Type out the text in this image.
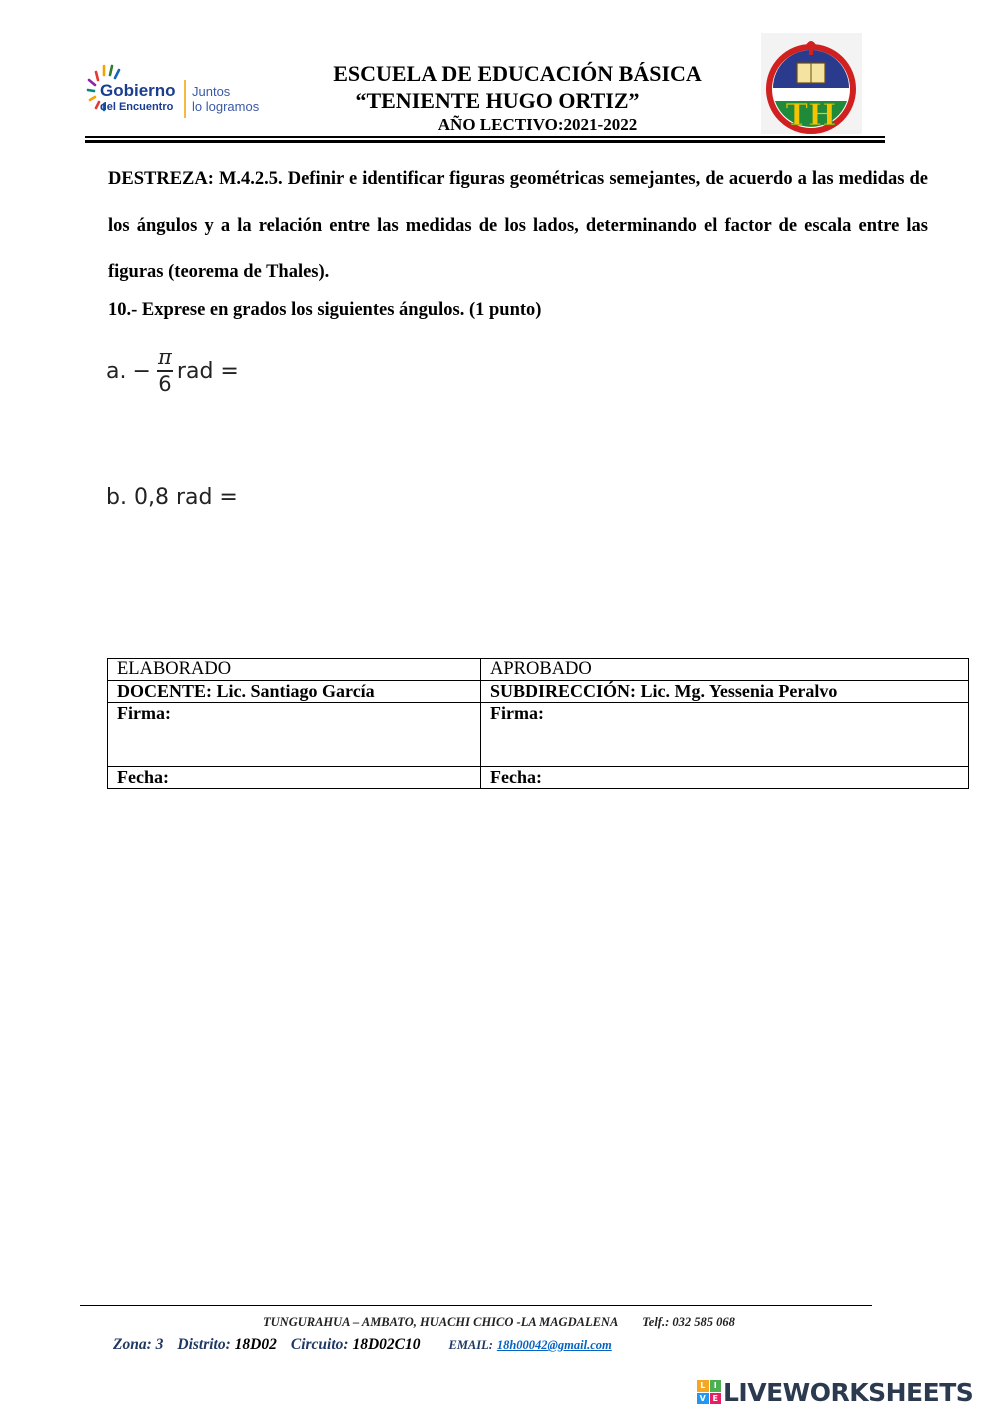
Gobierno
del Encuentro
Juntos
lo logramos
ESCUELA DE EDUCACIÓN BÁSICA
“TENIENTE HUGO ORTIZ”
AÑO LECTIVO:2021-2022	TH
DESTREZA: M.4.2.5. Definir e identificar figuras geométricas semejantes, de acuerdo a las medidas de los ángulos y a la relación entre las medidas de los lados, determinando el factor de escala entre las figuras (teorema de Thales).
10.- Exprese en grados los siguientes ángulos. (1 punto)
a. − $\frac{\pi}{6}$ rad =
b. 0,8 rad =
ELABORADO	APROBADO
DOCENTE: Lic. Santiago García	SUBDIRECCIÓN: Lic. Mg. Yessenia Peralvo
Firma:	Firma:
Fecha:	Fecha:
TUNGURAHUA – AMBATO, HUACHI CHICO -LA MAGDALENA Telf.: 032 585 068
Zona: 3 Distrito: 18D02 Circuito: 18D02C10 EMAIL: 18h00042@gmail.com
L	I
V E LIVEWORKSHEETS
